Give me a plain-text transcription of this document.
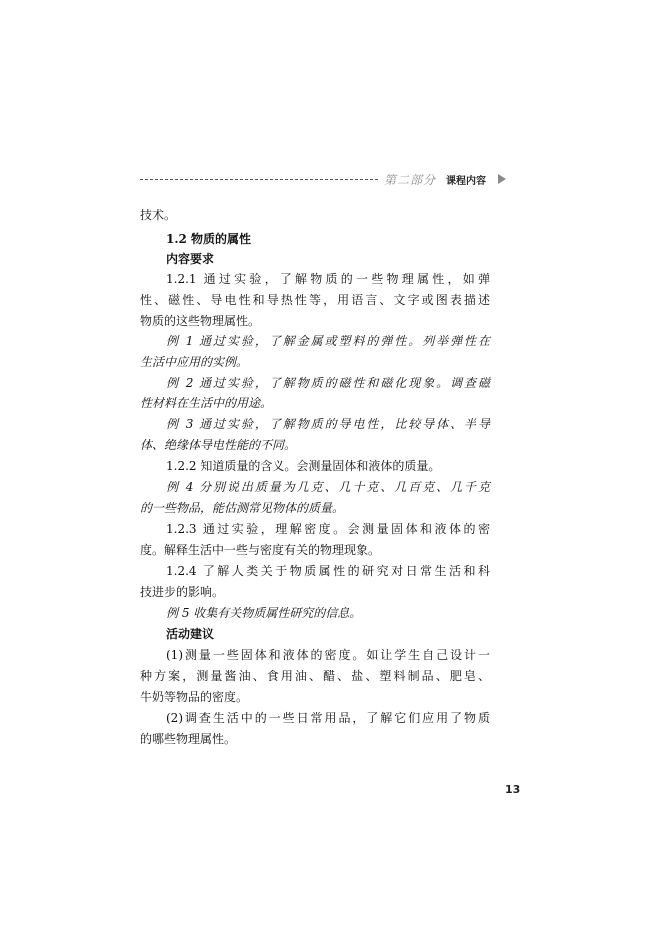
第二部分 课程内容
技术。
1.2 物质的属性
内容要求
1.2.1 通过实验，了解物质的一些物理属性，如弹
性、磁性、导电性和导热性等，用语言、文字或图表描述
物质的这些物理属性。
例 1 通过实验，了解金属或塑料的弹性。列举弹性在
生活中应用的实例。
例 2 通过实验，了解物质的磁性和磁化现象。调查磁
性材料在生活中的用途。
例 3 通过实验，了解物质的导电性，比较导体、半导
体、绝缘体导电性能的不同。
1.2.2 知道质量的含义。会测量固体和液体的质量。
例 4 分别说出质量为几克、几十克、几百克、几千克
的一些物品，能估测常见物体的质量。
1.2.3 通过实验，理解密度。会测量固体和液体的密
度。解释生活中一些与密度有关的物理现象。
1.2.4 了解人类关于物质属性的研究对日常生活和科
技进步的影响。
例 5 收集有关物质属性研究的信息。
活动建议
(1)测量一些固体和液体的密度。如让学生自己设计一
种方案，测量酱油、食用油、醋、盐、塑料制品、肥皂、
牛奶等物品的密度。
(2)调查生活中的一些日常用品，了解它们应用了物质
的哪些物理属性。
13
